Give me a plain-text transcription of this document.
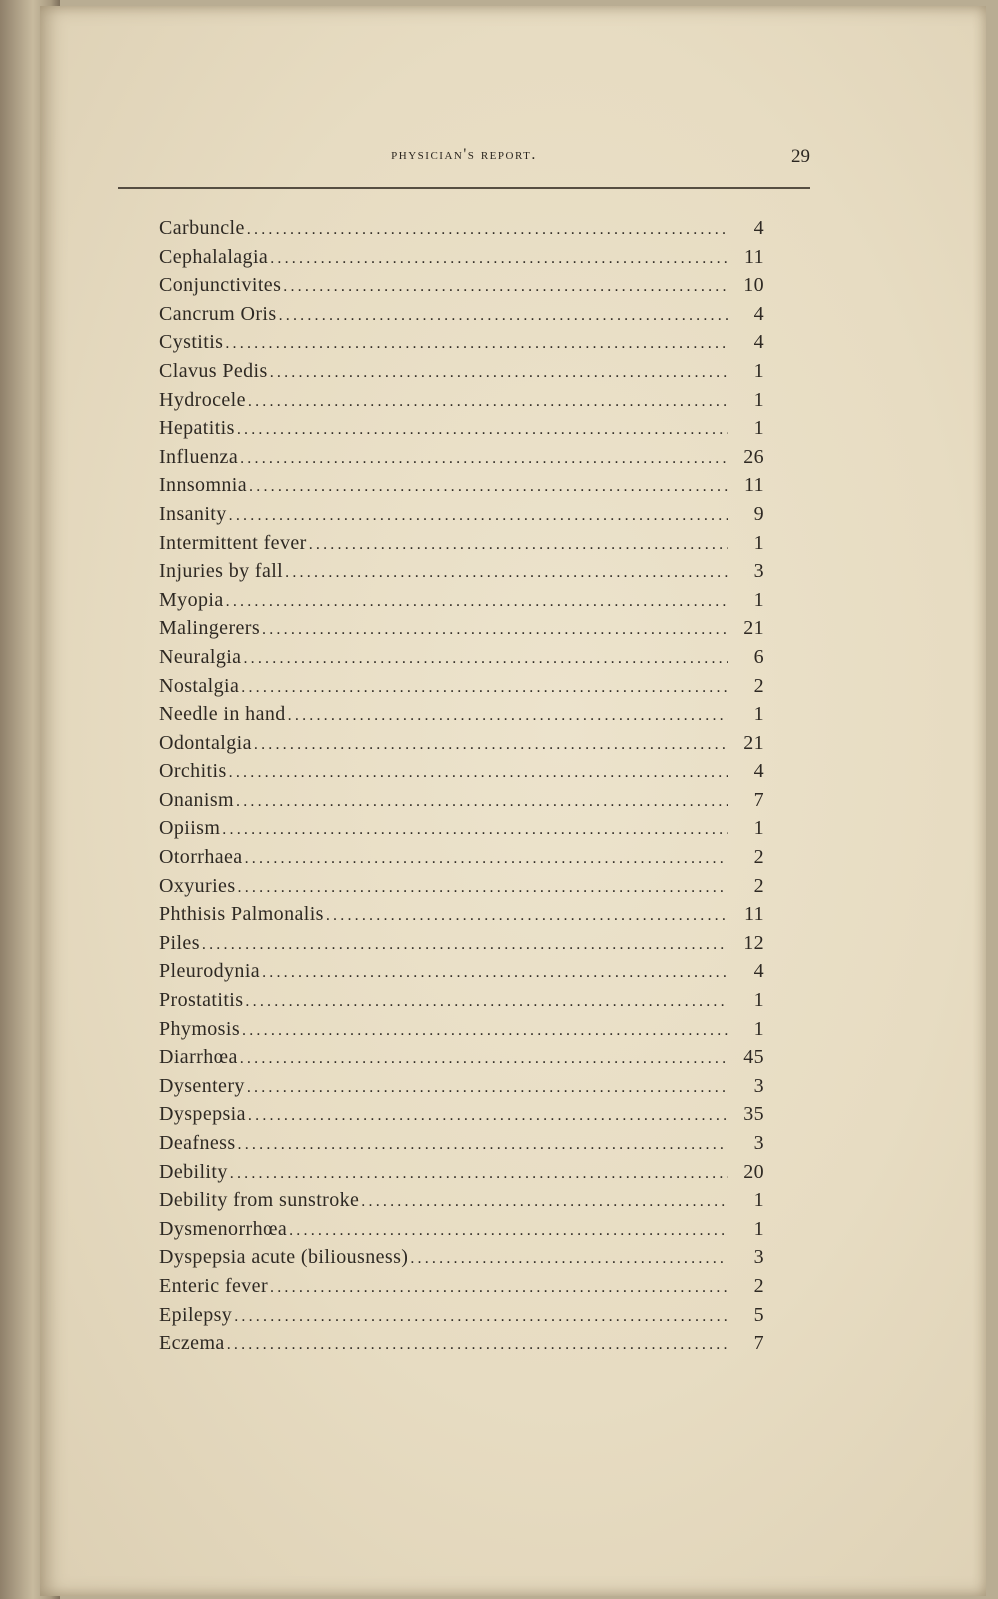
physician's report.	29
Carbuncle .....	4
Cephalalagia .....	11
Conjunctivites .....	10
Cancrum Oris .....	4
Cystitis .....	4
Clavus Pedis .....	1
Hydrocele .....	1
Hepatitis .....	1
Influenza .....	26
Innsomnia .....	11
Insanity .....	9
Intermittent fever .....	1
Injuries by fall .....	3
Myopia .....	1
Malingerers .....	21
Neuralgia .....	6
Nostalgia .....	2
Needle in hand .....	1
Odontalgia .....	21
Orchitis .....	4
Onanism .....	7
Opiism .....	1
Otorrhaea .....	2
Oxyuries .....	2
Phthisis Palmonalis .....	11
Piles .....	12
Pleurodynia .....	4
Prostatitis .....	1
Phymosis .....	1
Diarrhœa .....	45
Dysentery .....	3
Dyspepsia .....	35
Deafness .....	3
Debility .....	20
Debility from sunstroke .....	1
Dysmenorrhœa .....	1
Dyspepsia acute (biliousness) .....	3
Enteric fever .....	2
Epilepsy .....	5
Eczema .....	7
